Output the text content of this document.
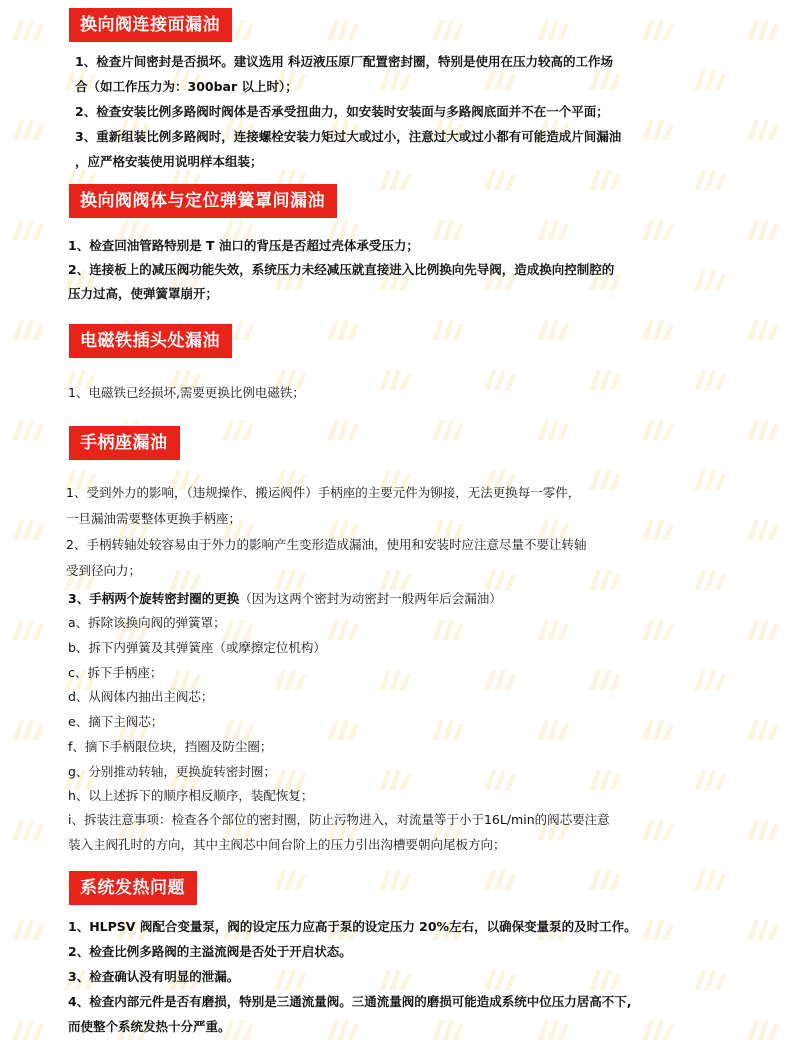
换向阀连接面漏油
1、检查片间密封是否损坏。建议选用 科迈液压原厂配置密封圈，特别是使用在压力较高的工作场
合（如工作压力为：300bar 以上时）；
2、检查安装比例多路阀时阀体是否承受扭曲力，如安装时安装面与多路阀底面并不在一个平面；
3、重新组装比例多路阀时，连接螺栓安装力矩过大或过小，注意过大或过小都有可能造成片间漏油
，应严格安装使用说明样本组装；
换向阀阀体与定位弹簧罩间漏油
1、检查回油管路特别是 T 油口的背压是否超过壳体承受压力；
2、连接板上的减压阀功能失效，系统压力未经减压就直接进入比例换向先导阀，造成换向控制腔的
压力过高，使弹簧罩崩开；
电磁铁插头处漏油
1、电磁铁已经损坏,需要更换比例电磁铁；
手柄座漏油
1、受到外力的影响，（违规操作、搬运阀件）手柄座的主要元件为铆接，无法更换每一零件，
一旦漏油需要整体更换手柄座；
2、手柄转轴处较容易由于外力的影响产生变形造成漏油，使用和安装时应注意尽量不要让转轴
受到径向力；
3、手柄两个旋转密封圈的更换（因为这两个密封为动密封一般两年后会漏油）
a、拆除该换向阀的弹簧罩；
b、拆下内弹簧及其弹簧座（或摩擦定位机构）
c、拆下手柄座；
d、从阀体内抽出主阀芯；
e、摘下主阀芯；
f、摘下手柄限位块，挡圈及防尘圈；
g、分别推动转轴，更换旋转密封圈；
h、以上述拆下的顺序相反顺序，装配恢复；
i、拆装注意事项：检查各个部位的密封圈，防止污物进入，对流量等于小于16L/min的阀芯要注意
装入主阀孔时的方向，其中主阀芯中间台阶上的压力引出沟槽要朝向尾板方向；
系统发热问题
1、HLPSV 阀配合变量泵，阀的设定压力应高于泵的设定压力 20%左右，以确保变量泵的及时工作。
2、检查比例多路阀的主溢流阀是否处于开启状态。
3、检查确认没有明显的泄漏。
4、检查内部元件是否有磨损，特别是三通流量阀。三通流量阀的磨损可能造成系统中位压力居高不下,
而使整个系统发热十分严重。
